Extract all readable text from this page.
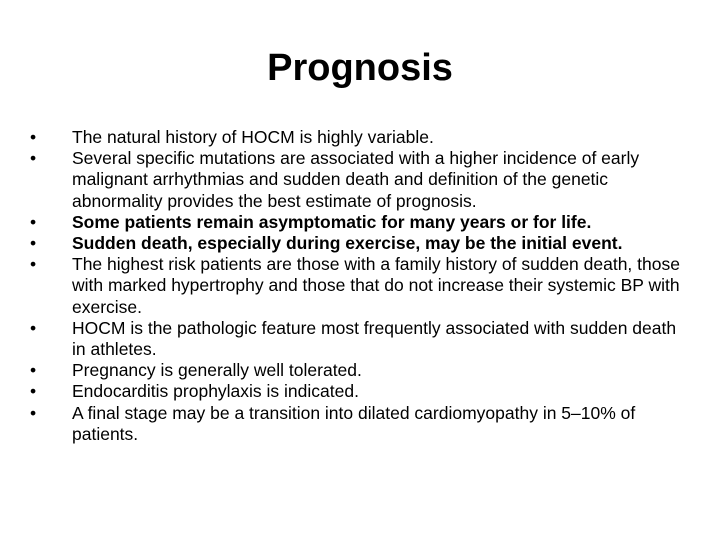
Prognosis
•	The natural history of HOCM is highly variable.
•	Several specific mutations are associated with a higher incidence of early malignant arrhythmias and sudden death and definition of the genetic abnormality provides the best estimate of prognosis.
•	Some patients remain asymptomatic for many years or for life.
•	Sudden death, especially during exercise, may be the initial event.
•	The highest risk patients are those with a family history of sudden death, those with marked hypertrophy and those that do not increase their systemic BP with exercise.
•	HOCM is the pathologic feature most frequently associated with sudden death in athletes.
•	Pregnancy is generally well tolerated.
•	Endocarditis prophylaxis is indicated.
•	A final stage may be a transition into dilated cardiomyopathy in 5–10% of patients.
